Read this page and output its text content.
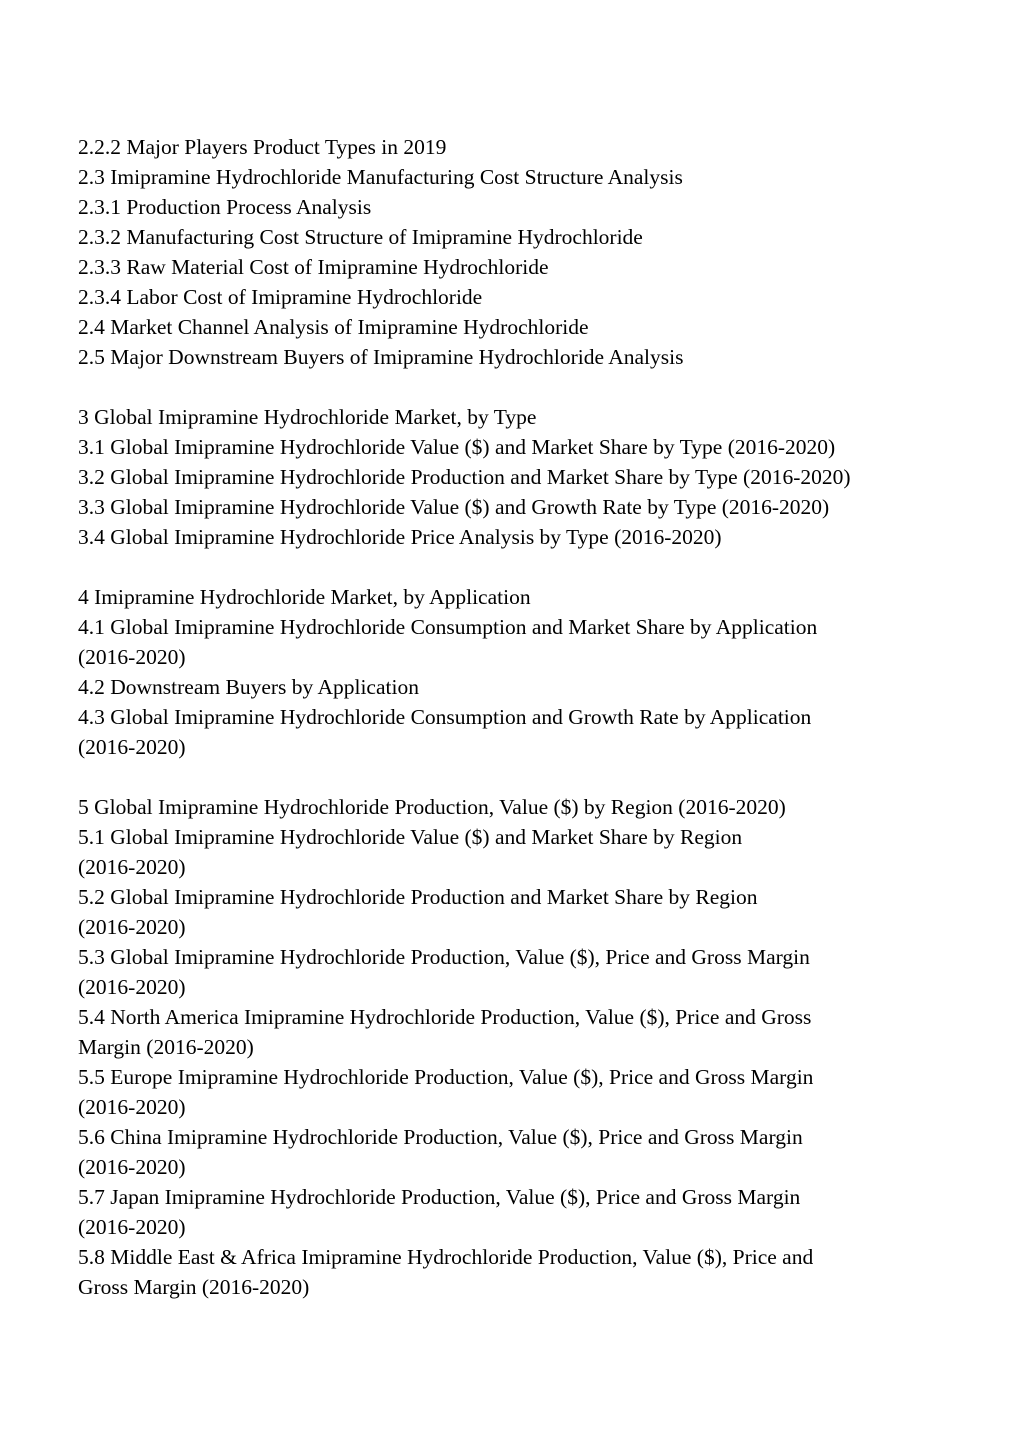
2.2.2 Major Players Product Types in 2019
2.3 Imipramine Hydrochloride Manufacturing Cost Structure Analysis
2.3.1 Production Process Analysis
2.3.2 Manufacturing Cost Structure of Imipramine Hydrochloride
2.3.3 Raw Material Cost of Imipramine Hydrochloride
2.3.4 Labor Cost of Imipramine Hydrochloride
2.4 Market Channel Analysis of Imipramine Hydrochloride
2.5 Major Downstream Buyers of Imipramine Hydrochloride Analysis
3 Global Imipramine Hydrochloride Market, by Type
3.1 Global Imipramine Hydrochloride Value ($) and Market Share by Type (2016-2020)
3.2 Global Imipramine Hydrochloride Production and Market Share by Type (2016-2020)
3.3 Global Imipramine Hydrochloride Value ($) and Growth Rate by Type (2016-2020)
3.4 Global Imipramine Hydrochloride Price Analysis by Type (2016-2020)
4 Imipramine Hydrochloride Market, by Application
4.1 Global Imipramine Hydrochloride Consumption and Market Share by Application
(2016-2020)
4.2 Downstream Buyers by Application
4.3 Global Imipramine Hydrochloride Consumption and Growth Rate by Application
(2016-2020)
5 Global Imipramine Hydrochloride Production, Value ($) by Region (2016-2020)
5.1 Global Imipramine Hydrochloride Value ($) and Market Share by Region
(2016-2020)
5.2 Global Imipramine Hydrochloride Production and Market Share by Region
(2016-2020)
5.3 Global Imipramine Hydrochloride Production, Value ($), Price and Gross Margin
(2016-2020)
5.4 North America Imipramine Hydrochloride Production, Value ($), Price and Gross
Margin (2016-2020)
5.5 Europe Imipramine Hydrochloride Production, Value ($), Price and Gross Margin
(2016-2020)
5.6 China Imipramine Hydrochloride Production, Value ($), Price and Gross Margin
(2016-2020)
5.7 Japan Imipramine Hydrochloride Production, Value ($), Price and Gross Margin
(2016-2020)
5.8 Middle East & Africa Imipramine Hydrochloride Production, Value ($), Price and
Gross Margin (2016-2020)
